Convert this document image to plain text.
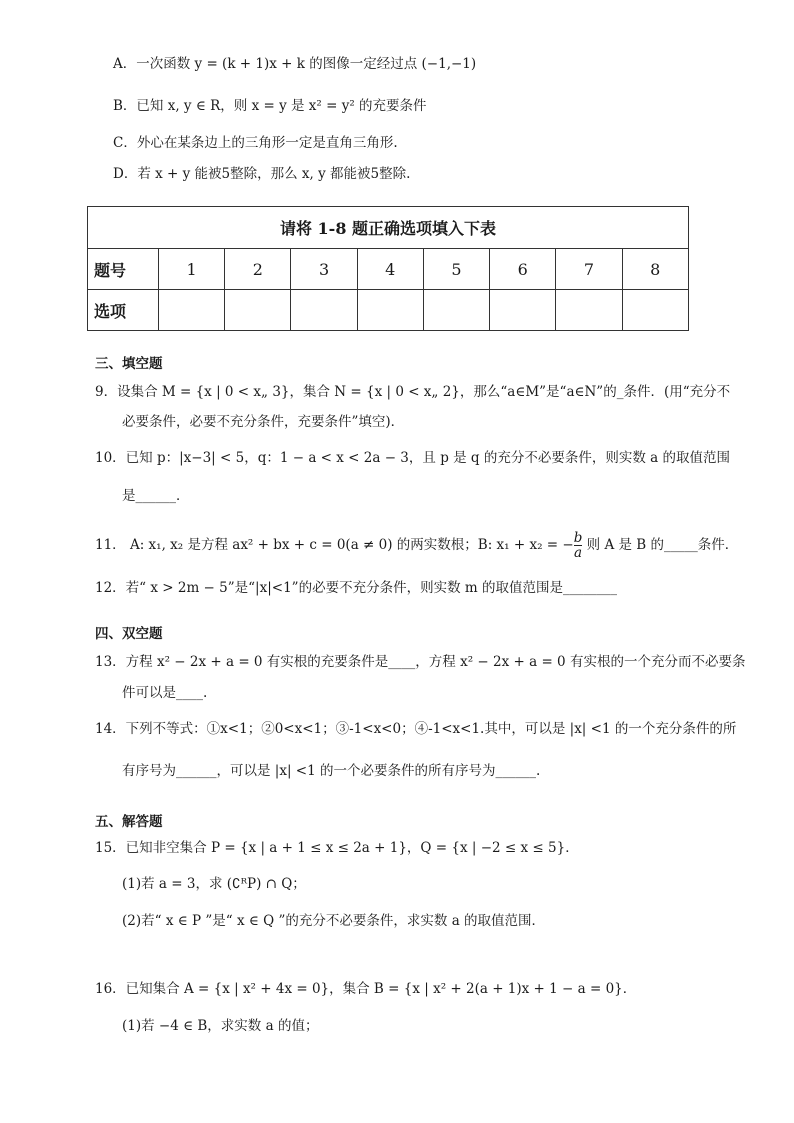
A．一次函数 y = (k + 1)x + k 的图像一定经过点 (−1,−1)
B．已知 x, y ∈ R，则 x = y 是 x² = y² 的充要条件
C．外心在某条边上的三角形一定是直角三角形.
D．若 x + y 能被5整除，那么 x, y 都能被5整除.
请将 1-8 题正确选项填入下表								
题号	1	2	3	4	5	6	7	8
选项								
三、填空题
9．设集合 M = {x | 0 < x„ 3}，集合 N = {x | 0 < x„ 2}，那么“a∈M”是“a∈N”的_条件．(用“充分不
必要条件，必要不充分条件，充要条件”填空)．
10．已知 p：|x−3| < 5，q：1 − a < x < 2a − 3，且 p 是 q 的充分不必要条件，则实数 a 的取值范围
是______．
11． A: x₁, x₂ 是方程 ax² + bx + c = 0(a ≠ 0) 的两实数根；B: x₁ + x₂ = − $\frac{b}{a}$ 则 A 是 B 的_____条件．
12．若“ x > 2m − 5”是“|x|<1”的必要不充分条件，则实数 m 的取值范围是________
四、双空题
13．方程 x² − 2x + a = 0 有实根的充要条件是____，方程 x² − 2x + a = 0 有实根的一个充分而不必要条
件可以是____.
14．下列不等式：①x<1；②0<x<1；③-1<x<0；④-1<x<1.其中，可以是 |x| <1 的一个充分条件的所
有序号为______，可以是 |x| <1 的一个必要条件的所有序号为______.
五、解答题
15．已知非空集合 P = {x | a + 1 ≤ x ≤ 2a + 1}，Q = {x | −2 ≤ x ≤ 5}．
(1)若 a = 3，求 (∁ᴿP) ∩ Q；
(2)若“ x ∈ P ”是“ x ∈ Q ”的充分不必要条件，求实数 a 的取值范围．
16．已知集合 A = {x | x² + 4x = 0}，集合 B = {x | x² + 2(a + 1)x + 1 − a = 0}．
(1)若 −4 ∈ B，求实数 a 的值；
